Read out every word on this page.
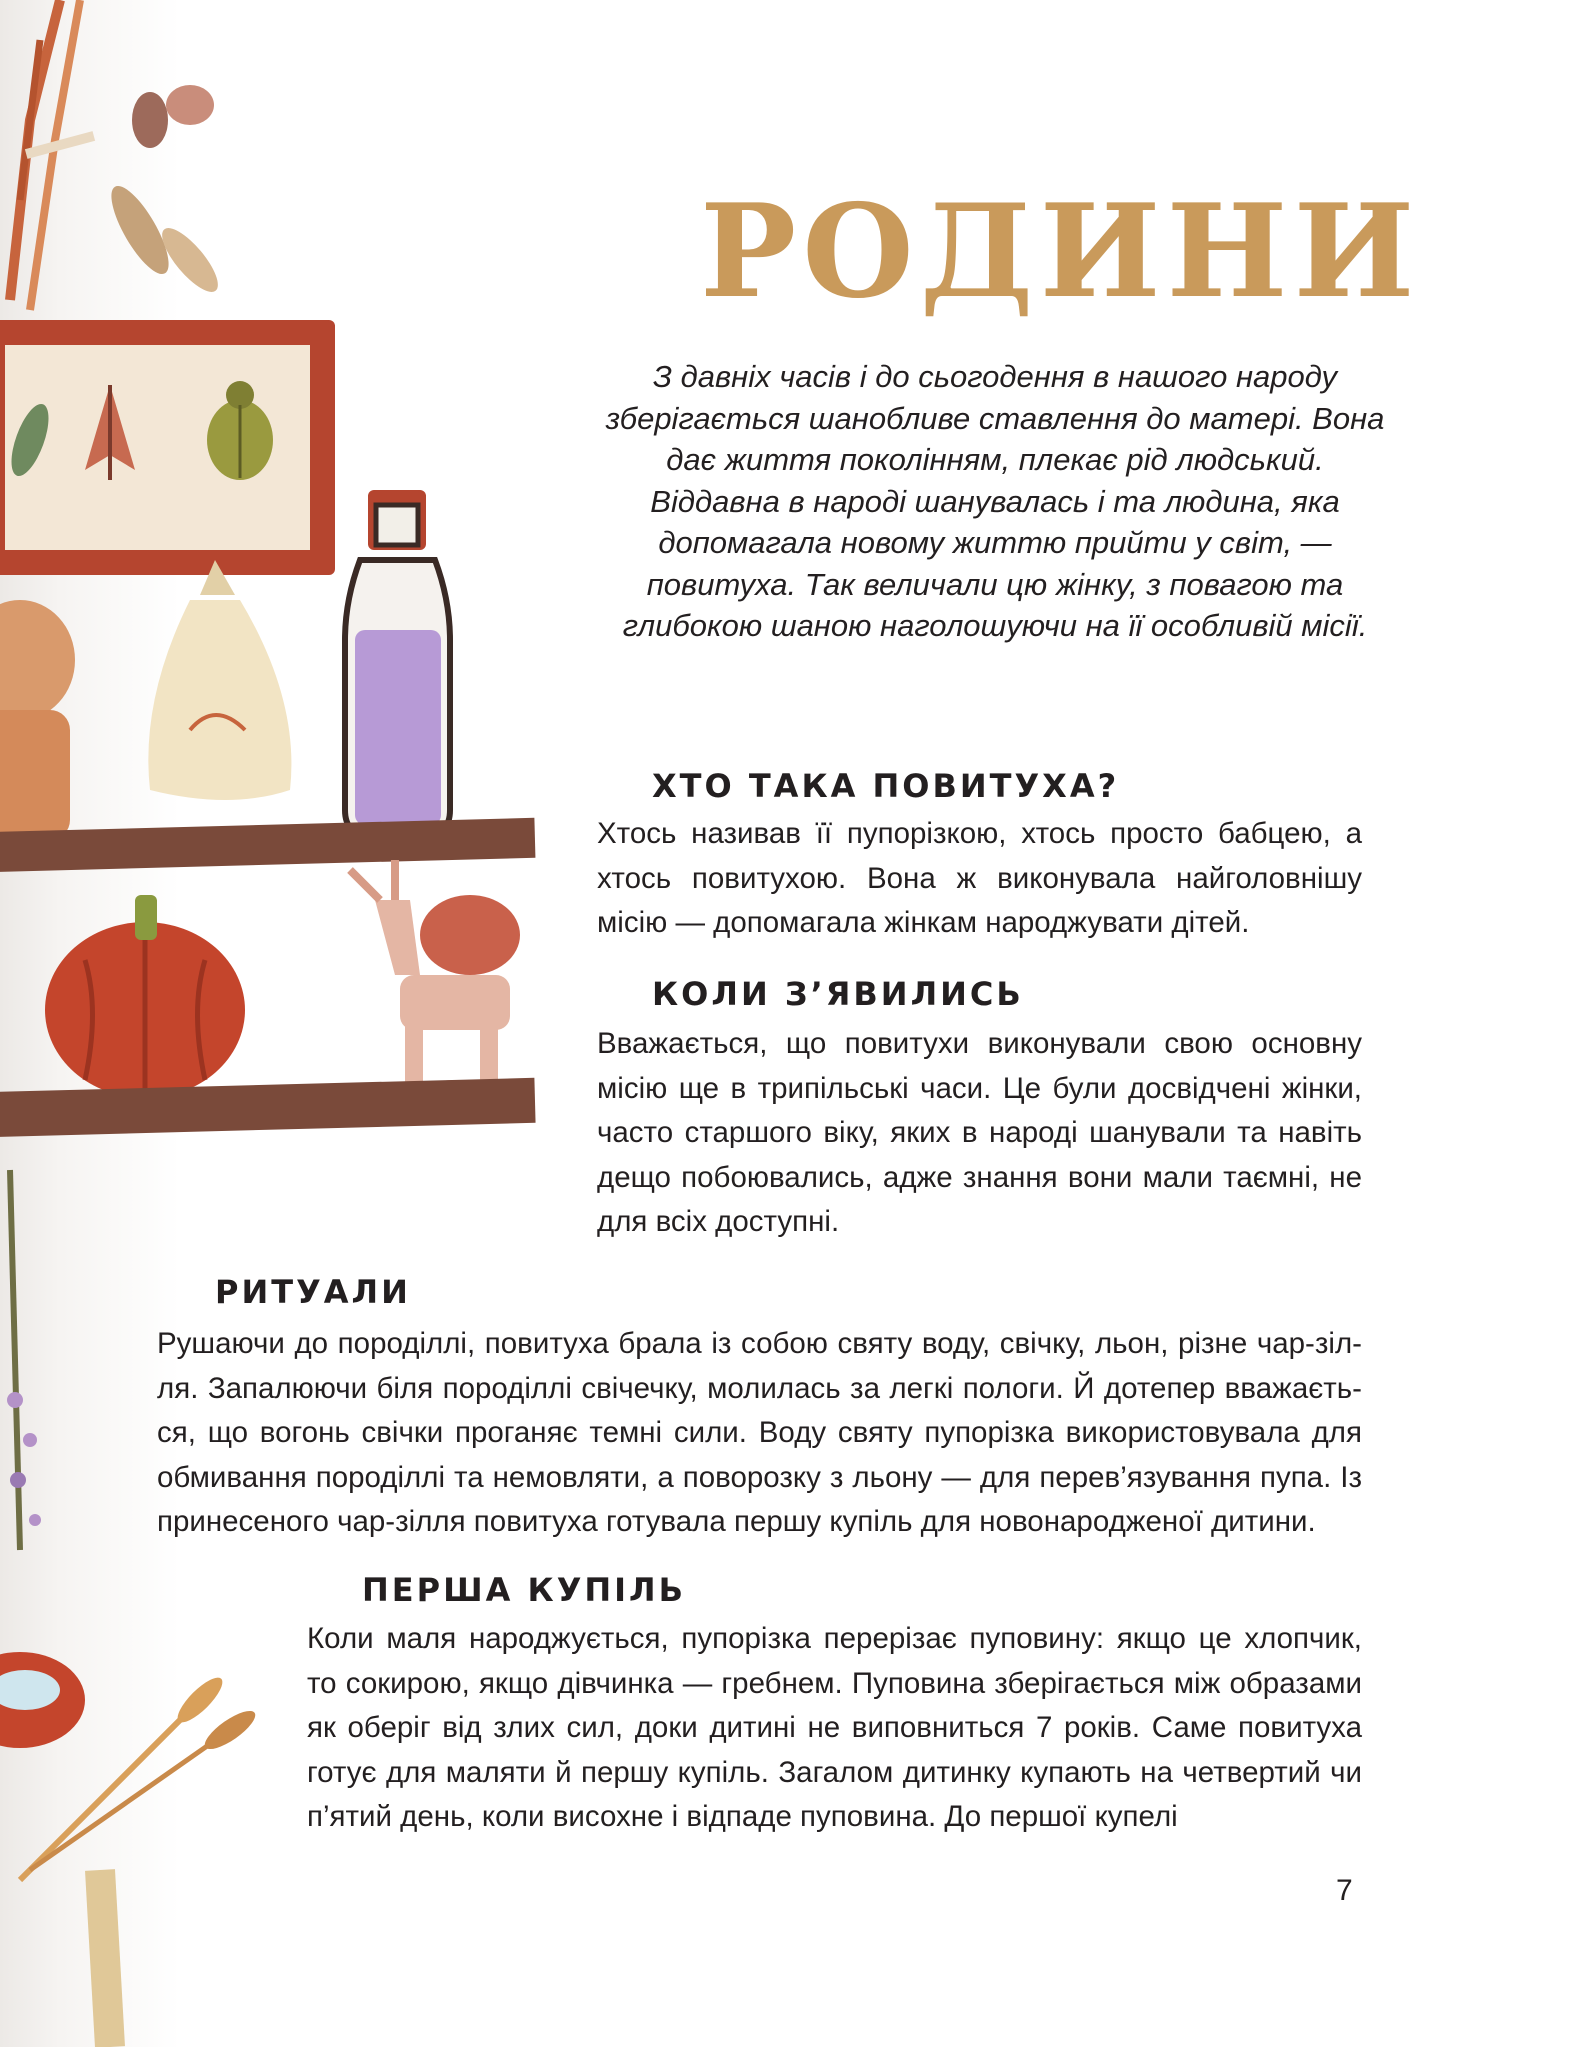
РОДИНИ

З давніх часів і до сьогодення в нашого народу зберігається шанобливе ставлення до матері. Вона дає життя поколінням, плекає рід людський. Віддавна в народі шанувалась і та людина, яка допомагала новому життю прийти у світ, — повитуха. Так величали цю жінку, з повагою та глибокою шаною наголошуючи на її особливій місії.

ХТО ТАКА ПОВИТУХА?

Хтось називав її пупорізкою, хтось просто бабцею, а хтось повитухою. Вона ж виконувала найголовнішу місію — допомагала жінкам народжувати дітей.

КОЛИ З’ЯВИЛИСЬ

Вважається, що повитухи виконували свою основну місію ще в трипільські часи. Це були досвідчені жінки, часто старшого віку, яких в народі шанували та навіть дещо побоювались, адже знання вони мали таємні, не для всіх доступні.

РИТУАЛИ

Рушаючи до породіллі, повитуха брала із собою святу воду, свічку, льон, різне чар-зілля. Запалюючи біля породіллі свічечку, молилась за легкі пологи. Й дотепер вважається, що вогонь свічки проганяє темні сили. Воду святу пупорізка використовувала для обмивання породіллі та немовляти, а поворозку з льону — для перев’язування пупа. Із принесеного чар-зілля повитуха готувала першу купіль для новонародженої дитини.

ПЕРША КУПІЛЬ

Коли маля народжується, пупорізка перерізає пуповину: якщо це хлопчик, то сокирою, якщо дівчинка — гребнем. Пуповина зберігається між образами як оберіг від злих сил, доки дитині не виповниться 7 років. Саме повитуха готує для маляти й першу купіль. Загалом дитинку купають на четвертий чи п’ятий день, коли висохне і відпаде пуповина. До першої купелі

7
